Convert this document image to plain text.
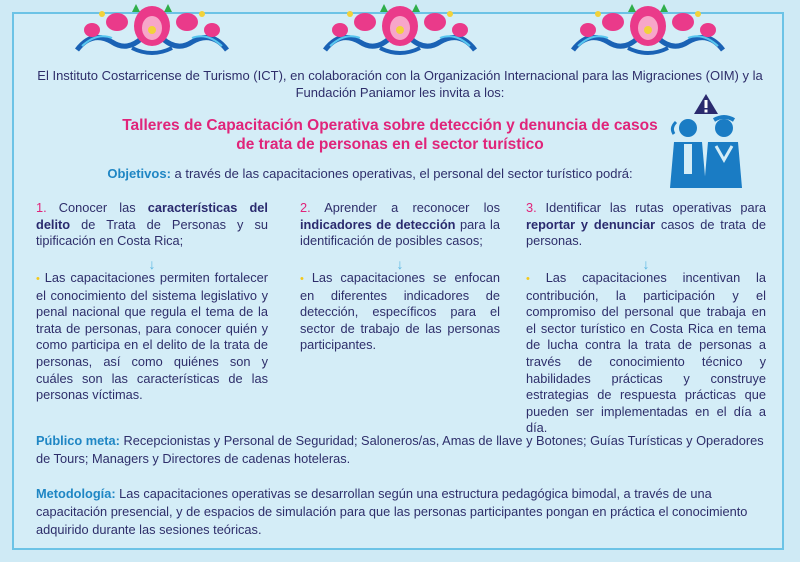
El Instituto Costarricense de Turismo (ICT), en colaboración con la Organización Internacional para las Migraciones (OIM) y la Fundación Paniamor les invita a los:
Talleres de Capacitación Operativa sobre detección y denuncia de casos de trata de personas en el sector turístico
Objetivos: a través de las capacitaciones operativas, el personal del sector turístico podrá:
1. Conocer las características del delito de Trata de Personas y su tipificación en Costa Rica;
↓
• Las capacitaciones permiten fortalecer el conocimiento del sistema legislativo y penal nacional que regula el tema de la trata de personas, para conocer quién y como participa en el delito de la trata de personas, así como quiénes son y cuáles son las características de las personas víctimas.
2. Aprender a reconocer los indicadores de detección para la identificación de posibles casos;
↓
• Las capacitaciones se enfocan en diferentes indicadores de detección, específicos para el sector de trabajo de las personas participantes.
3. Identificar las rutas operativas para reportar y denunciar casos de trata de personas.
↓
• Las capacitaciones incentivan la contribución, la participación y el compromiso del personal que trabaja en el sector turístico en Costa Rica en tema de lucha contra la trata de personas a través de conocimiento técnico y habilidades prácticas y construye estrategias de respuesta prácticas que pueden ser implementadas en el día a día.
Público meta: Recepcionistas y Personal de Seguridad; Saloneros/as, Amas de llave y Botones; Guías Turísticas y Operadores de Tours; Managers y Directores de cadenas hoteleras.
Metodología: Las capacitaciones operativas se desarrollan según una estructura pedagógica bimodal, a través de una capacitación presencial, y de espacios de simulación para que las personas participantes pongan en práctica el conocimiento adquirido durante las sesiones teóricas.
